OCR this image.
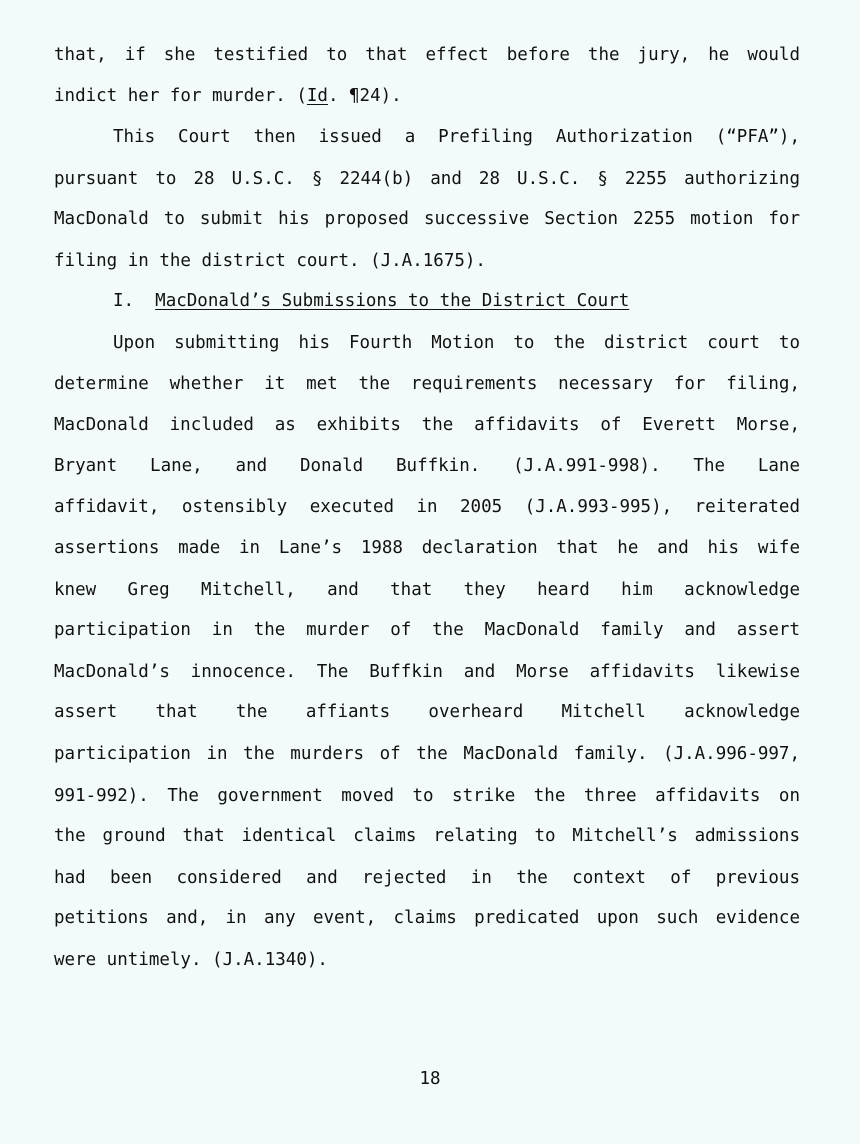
that, if she testified to that effect before the jury, he would
indict her for murder. (Id. ¶24).
This Court then issued a Prefiling Authorization (“PFA”),
pursuant to 28 U.S.C. § 2244(b) and 28 U.S.C. § 2255 authorizing
MacDonald to submit his proposed successive Section 2255 motion for
filing in the district court. (J.A.1675).
I. MacDonald’s Submissions to the District Court
Upon submitting his Fourth Motion to the district court to
determine whether it met the requirements necessary for filing,
MacDonald included as exhibits the affidavits of Everett Morse,
Bryant Lane, and Donald Buffkin. (J.A.991-998). The Lane
affidavit, ostensibly executed in 2005 (J.A.993-995), reiterated
assertions made in Lane’s 1988 declaration that he and his wife
knew Greg Mitchell, and that they heard him acknowledge
participation in the murder of the MacDonald family and assert
MacDonald’s innocence. The Buffkin and Morse affidavits likewise
assert that the affiants overheard Mitchell acknowledge
participation in the murders of the MacDonald family. (J.A.996-997,
991-992). The government moved to strike the three affidavits on
the ground that identical claims relating to Mitchell’s admissions
had been considered and rejected in the context of previous
petitions and, in any event, claims predicated upon such evidence
were untimely. (J.A.1340).
18
